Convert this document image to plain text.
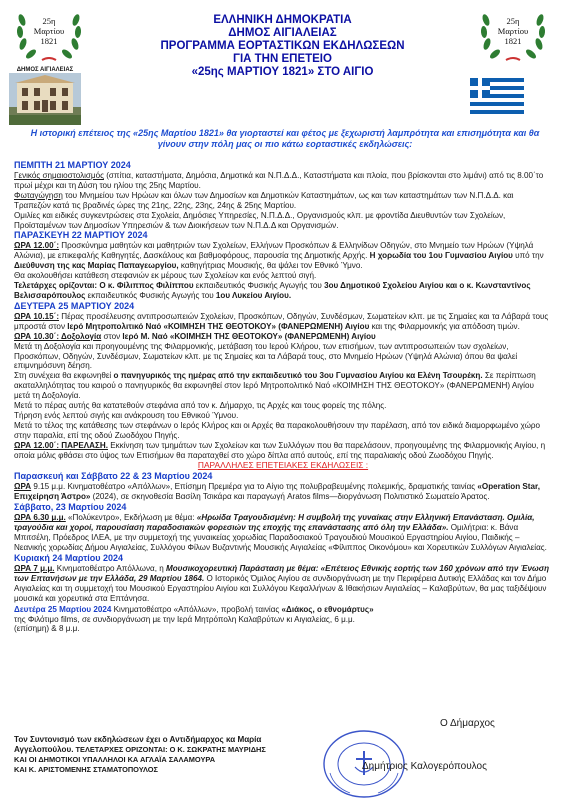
25η
Μαρτίου
1821
25η
Μαρτίου
1821
ΕΛΛΗΝΙΚΗ ΔΗΜΟΚΡΑΤΙΑ
ΔΗΜΟΣ ΑΙΓΙΑΛΕΙΑΣ
ΠΡΟΓΡΑΜΜΑ ΕΟΡΤΑΣΤΙΚΩΝ ΕΚΔΗΛΩΣΕΩΝ
ΓΙΑ ΤΗΝ ΕΠΕΤΕΙΟ
«25ης ΜΑΡΤΙΟΥ 1821» ΣΤΟ ΑΙΓΙΟ
ΔΗΜΟΣ ΑΙΓΙΑΛΕΙΑΣ
Η ιστορική επέτειος της «25ης Μαρτίου 1821» θα γιορταστεί και φέτος με ξεχωριστή λαμπρότητα και επισημότητα και θα γίνουν στην πόλη μας οι πιο κάτω εορταστικές εκδηλώσεις:

ΠΕΜΠΤΗ 21 ΜΑΡΤΙΟΥ 2024

Γενικός σημαιοστολισμός (σπίτια, καταστήματα, Δημόσια, Δημοτικά και Ν.Π.Δ.Δ., Καταστήματα και πλοία, που βρίσκονται στο λιμάνι) από τις 8.00΄το πρωί μέχρι και τη Δύση του ηλίου της 25ης Μαρτίου.

Φωταγώγηση του Μνημείου των Ηρώων και όλων των Δημοσίων και Δημοτικών Καταστημάτων, ως και των καταστημάτων των Ν.Π.Δ.Δ. και Τραπεζών κατά τις βραδινές ώρες της 21ης, 22ης, 23ης, 24ης & 25ης Μαρτίου.

Ομιλίες και ειδικές συγκεντρώσεις στα Σχολεία, Δημόσιες Υπηρεσίες, Ν.Π.Δ.Δ., Οργανισμούς κλπ. με φροντίδα Διευθυντών των Σχολείων, Προϊσταμένων των Δημοσίων Υπηρεσιών & των Διοικήσεων των Ν.Π.Δ.Δ και Οργανισμών.

ΠΑΡΑΣΚΕΥΗ 22 ΜΑΡΤΙΟΥ 2024

ΩΡΑ 12.00΄: Προσκύνημα μαθητών και μαθητριών των Σχολείων, Ελλήνων Προσκόπων & Ελληνίδων Οδηγών, στο Μνημείο των Ηρώων (Υψηλά Αλώνια), με επικεφαλής Καθηγητές, Δασκάλους και βαθμοφόρους, παρουσία της Δημοτικής Αρχής. Η χορωδία του 1ου Γυμνασίου Αιγίου υπό την Διεύθυνση της κας Μαρίας Παπαγεωργίου, καθηγήτριας Μουσικής, θα ψάλει τον Εθνικό Ύμνο.

Θα ακολουθήσει κατάθεση στεφανιών εκ μέρους των Σχολείων και ενός λεπτού σιγή.

Τελετάρχες ορίζονται: Ο κ. Φίλιππος Φιλίππου εκπαιδευτικός Φυσικής Αγωγής του 3ου Δημοτικού Σχολείου Αιγίου και ο κ. Κωνσταντίνος Βελισσαρόπουλος εκπαιδευτικός Φυσικής Αγωγής του 1ου Λυκείου Αιγίου.

ΔΕΥΤΕΡΑ 25 ΜΑΡΤΙΟΥ 2024

ΩΡΑ 10.15΄: Πέρας προσέλευσης αντιπροσωπειών Σχολείων, Προσκόπων, Οδηγών, Συνδέσμων, Σωματείων κλπ. με τις Σημαίες και τα Λάβαρά τους μπροστά στον Ιερό Μητροπολιτικό Ναό «ΚΟΙΜΗΣΗ ΤΗΣ ΘΕΟΤΟΚΟΥ» (ΦΑΝΕΡΩΜΕΝΗ) Αιγίου και της Φιλαρμονικής για απόδοση τιμών.

ΩΡΑ 10.30΄: Δοξολογία στον Ιερό Μ. Ναό «ΚΟΙΜΗΣΗ ΤΗΣ ΘΕΟΤΟΚΟΥ» (ΦΑΝΕΡΩΜΕΝΗ) Αιγίου

Μετά τη Δοξολογία και προηγουμένης της Φιλαρμονικής, μετάβαση του Ιερού Κλήρου, των επισήμων, των αντιπροσωπειών των σχολείων, Προσκόπων, Οδηγών, Συνδέσμων, Σωματείων κλπ. με τις Σημαίες και τα Λάβαρά τους, στο Μνημείο Ηρώων (Υψηλά Αλώνια) όπου θα ψαλεί επιμνημόσυνη δέηση.

Στη συνέχεια θα εκφωνηθεί ο πανηγυρικός της ημέρας από την εκπαιδευτικό του 3ου Γυμνασίου Αιγίου κα Ελένη Τσουρέκη. Σε περίπτωση ακαταλληλότητας του καιρού ο πανηγυρικός θα εκφωνηθεί στον Ιερό Μητροπολιτικό Ναό «ΚΟΙΜΗΣΗ ΤΗΣ ΘΕΟΤΟΚΟΥ» (ΦΑΝΕΡΩΜΕΝΗ) Αιγίου μετά τη Δοξολογία.

Μετά το πέρας αυτής θα κατατεθούν στεφάνια από τον κ. Δήμαρχο, τις Αρχές και τους φορείς της πόλης.

Τήρηση ενός λεπτού σιγής και ανάκρουση του Εθνικού Ύμνου.

Μετά το τέλος της κατάθεσης των στεφάνων ο Ιερός Κλήρος και οι Αρχές θα παρακολουθήσουν την παρέλαση, από τον ειδικά διαμορφωμένο χώρο στην παραλία, επί της οδού Ζωοδόχου Πηγής.

ΩΡΑ 12.00΄: ΠΑΡΕΛΑΣΗ. Εκκίνηση των τμημάτων των Σχολείων και των Συλλόγων που θα παρελάσουν, προηγουμένης της Φιλαρμονικής Αιγίου, η οποία μόλις φθάσει στο ύψος των Επισήμων θα παραταχθεί στο χώρο δίπλα από αυτούς, επί της παραλιακής οδού Ζωοδόχου Πηγής.

ΠΑΡΑΛΛΗΛΕΣ ΕΠΕΤΕΙΑΚΕΣ ΕΚΔΗΛΩΣΕΙΣ :

Παρασκευή και Σάββατο 22 & 23 Μαρτίου 2024

ΩΡΑ 9.15 μ.μ. Κινηματοθέατρο «Απόλλων», Επίσημη Πρεμιέρα για το Αίγιο της πολυβραβευμένης πολεμικής, δραματικής ταινίας «Operation Star, Επιχείρηση Άστρο» (2024), σε σκηνοθεσία Βασίλη Τσικάρα και παραγωγή Aratos films—διοργάνωση Πολιτιστικό Σωματείο Άρατος.

Σάββατο, 23 Μαρτίου 2024

ΩΡΑ 6.30 μ.μ. «Πολύκεντρο», Εκδήλωση με θέμα: «Ηρωίδα Τραγουδισμένη: Η συμβολή της γυναίκας στην Ελληνική Επανάσταση. Ομιλία, τραγούδια και χοροί, παρουσίαση παραδοσιακών φορεσιών της εποχής της επανάστασης από όλη την Ελλάδα». Ομιλήτρια: κ. Βάνα Μπιτσέλη, Πρόεδρος ΙΛΕΑ, με την συμμετοχή της γυναικείας χορωδίας Παραδοσιακού Τραγουδιού Μουσικού Εργαστηρίου Αιγίου, Παιδικής – Νεανικής χορωδίας Δήμου Αιγιαλείας, Συλλόγου Φίλων Βυζαντινής Μουσικής Αιγιαλείας «Φίλιππος Οικονόμου» και Χορευτικών Συλλόγων Αιγιαλείας.

Κυριακή 24 Μαρτίου 2024

ΩΡΑ 7 μ.μ. Κινηματοθέατρο Απόλλωνα, η Μουσικοχορευτική Παράσταση με θέμα: «Επέτειος Εθνικής εορτής των 160 χρόνων από την Ένωση των Επτανήσων με την Ελλάδα, 29 Μαρτίου 1864. Ο Ιστορικός Όμιλος Αιγίου σε συνδιοργάνωση με την Περιφέρεια Δυτικής Ελλάδας και τον Δήμο Αιγιαλείας και τη συμμετοχή του Μουσικού Εργαστηρίου Αιγίου και Συλλόγου Κεφαλλήνων & Ιθακήσιων Αιγιαλείας – Καλαβρύτων, θα μας ταξιδέψουν μουσικά και χορευτικά στα Επτάνησα.

Δευτέρα 25 Μαρτίου 2024 Κινηματοθέατρο «Απόλλων», προβολή ταινίας «Διάκος, ο εθνομάρτυς» της Φιλότιμο films, σε συνδιοργάνωση με την Ιερά Μητρόπολη Καλαβρύτων κι Αιγιαλείας, 6 μ.μ. (επίσημη) & 8 μ.μ.

Ο Δήμαρχος
Δημήτριος Καλογερόπουλος
Τον Συντονισμό των εκδηλώσεων έχει ο Αντιδήμαρχος κα Μαρία
Αγγελοπούλου. ΤΕΛΕΤΑΡΧΕΣ ΟΡΙΖΟΝΤΑΙ: Ο Κ. ΣΩΚΡΑΤΗΣ ΜΑΥΡΙΔΗΣ
ΚΑΙ ΟΙ ΔΗΜΟΤΙΚΟΙ ΥΠΑΛΛΗΛΟΙ ΚΑ ΑΓΛΑΪΑ ΣΑΛΑΜΟΥΡΑ
ΚΑΙ Κ. ΑΡΙΣΤΟΜΕΝΗΣ ΣΤΑΜΑΤΟΠΟΥΛΟΣ
